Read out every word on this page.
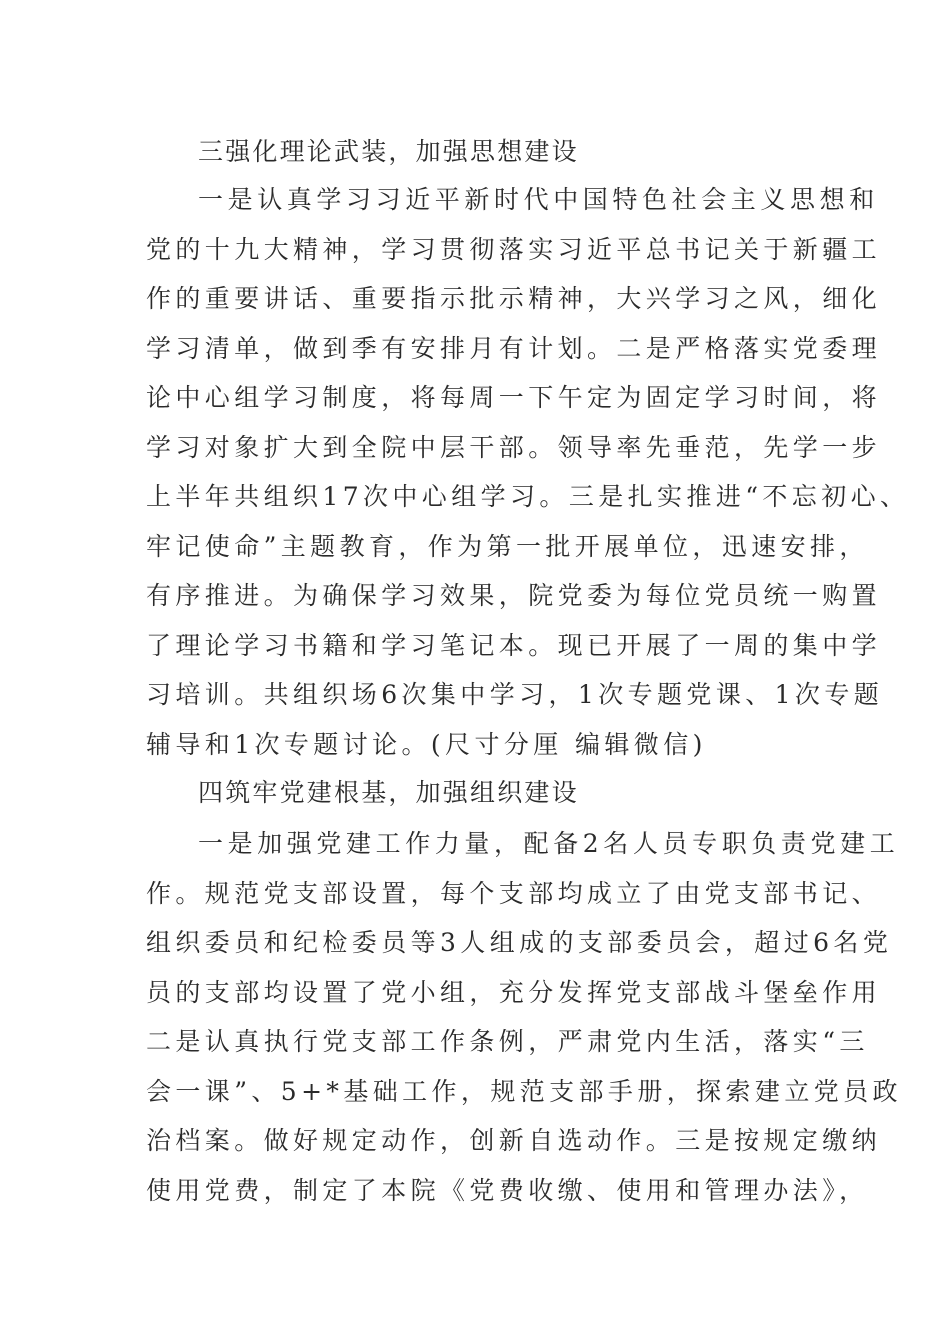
三强化理论武装，加强思想建设
一是认真学习习近平新时代中国特色社会主义思想和
党的十九大精神，学习贯彻落实习近平总书记关于新疆工
作的重要讲话、重要指示批示精神，大兴学习之风，细化
学习清单，做到季有安排月有计划。二是严格落实党委理
论中心组学习制度，将每周一下午定为固定学习时间，将
学习对象扩大到全院中层干部。领导率先垂范，先学一步
上半年共组织17次中心组学习。三是扎实推进“不忘初心、
牢记使命”主题教育，作为第一批开展单位，迅速安排，
有序推进。为确保学习效果，院党委为每位党员统一购置
了理论学习书籍和学习笔记本。现已开展了一周的集中学
习培训。共组织场6次集中学习，1次专题党课、1次专题
辅导和1次专题讨论。(尺寸分厘 编辑微信)
四筑牢党建根基，加强组织建设
一是加强党建工作力量，配备2名人员专职负责党建工
作。规范党支部设置，每个支部均成立了由党支部书记、
组织委员和纪检委员等3人组成的支部委员会，超过6名党
员的支部均设置了党小组，充分发挥党支部战斗堡垒作用
二是认真执行党支部工作条例，严肃党内生活，落实“三
会一课”、5+*基础工作，规范支部手册，探索建立党员政
治档案。做好规定动作，创新自选动作。三是按规定缴纳
使用党费，制定了本院《党费收缴、使用和管理办法》，
